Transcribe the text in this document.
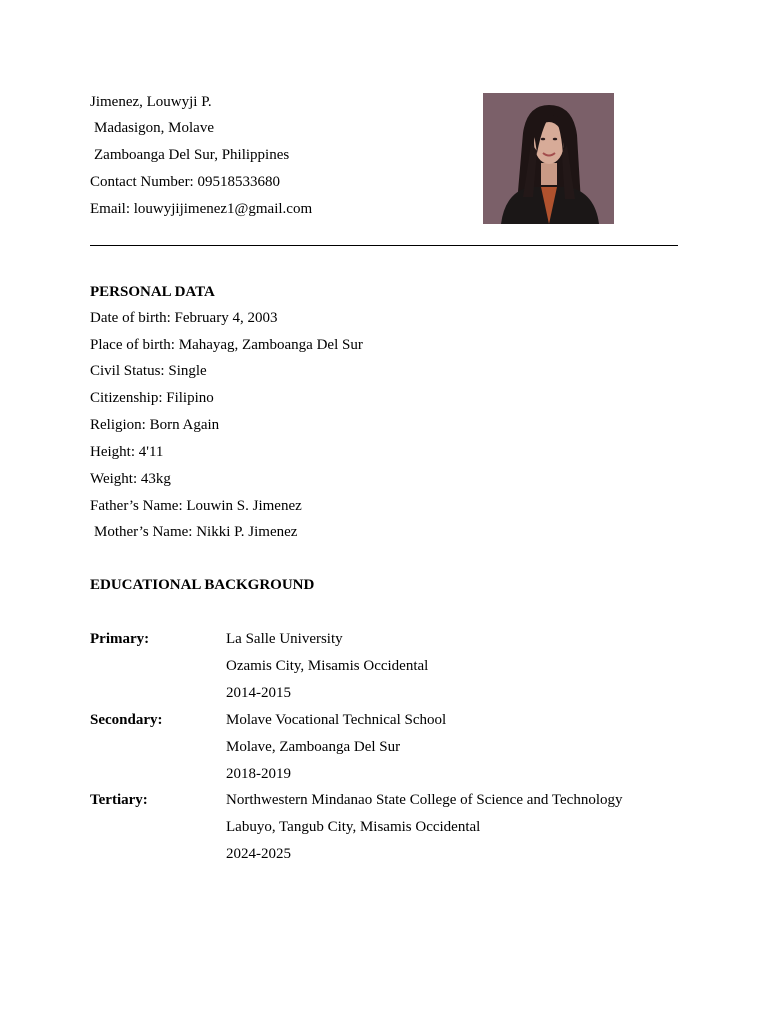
Jimenez, Louwyji P.
Madasigon, Molave
Zamboanga Del Sur, Philippines
Contact Number: 09518533680
Email: louwyjijimenez1@gmail.com
PERSONAL DATA
Date of birth: February 4, 2003
Place of birth: Mahayag, Zamboanga Del Sur
Civil Status: Single
Citizenship: Filipino
Religion: Born Again
Height: 4'11
Weight: 43kg
Father’s Name: Louwin S. Jimenez
Mother’s Name: Nikki P. Jimenez
EDUCATIONAL BACKGROUND
Primary:	La Salle University
Ozamis City, Misamis Occidental
2014-2015
Secondary:	Molave Vocational Technical School
Molave, Zamboanga Del Sur
2018-2019
Tertiary:	Northwestern Mindanao State College of Science and Technology
Labuyo, Tangub City, Misamis Occidental
2024-2025
